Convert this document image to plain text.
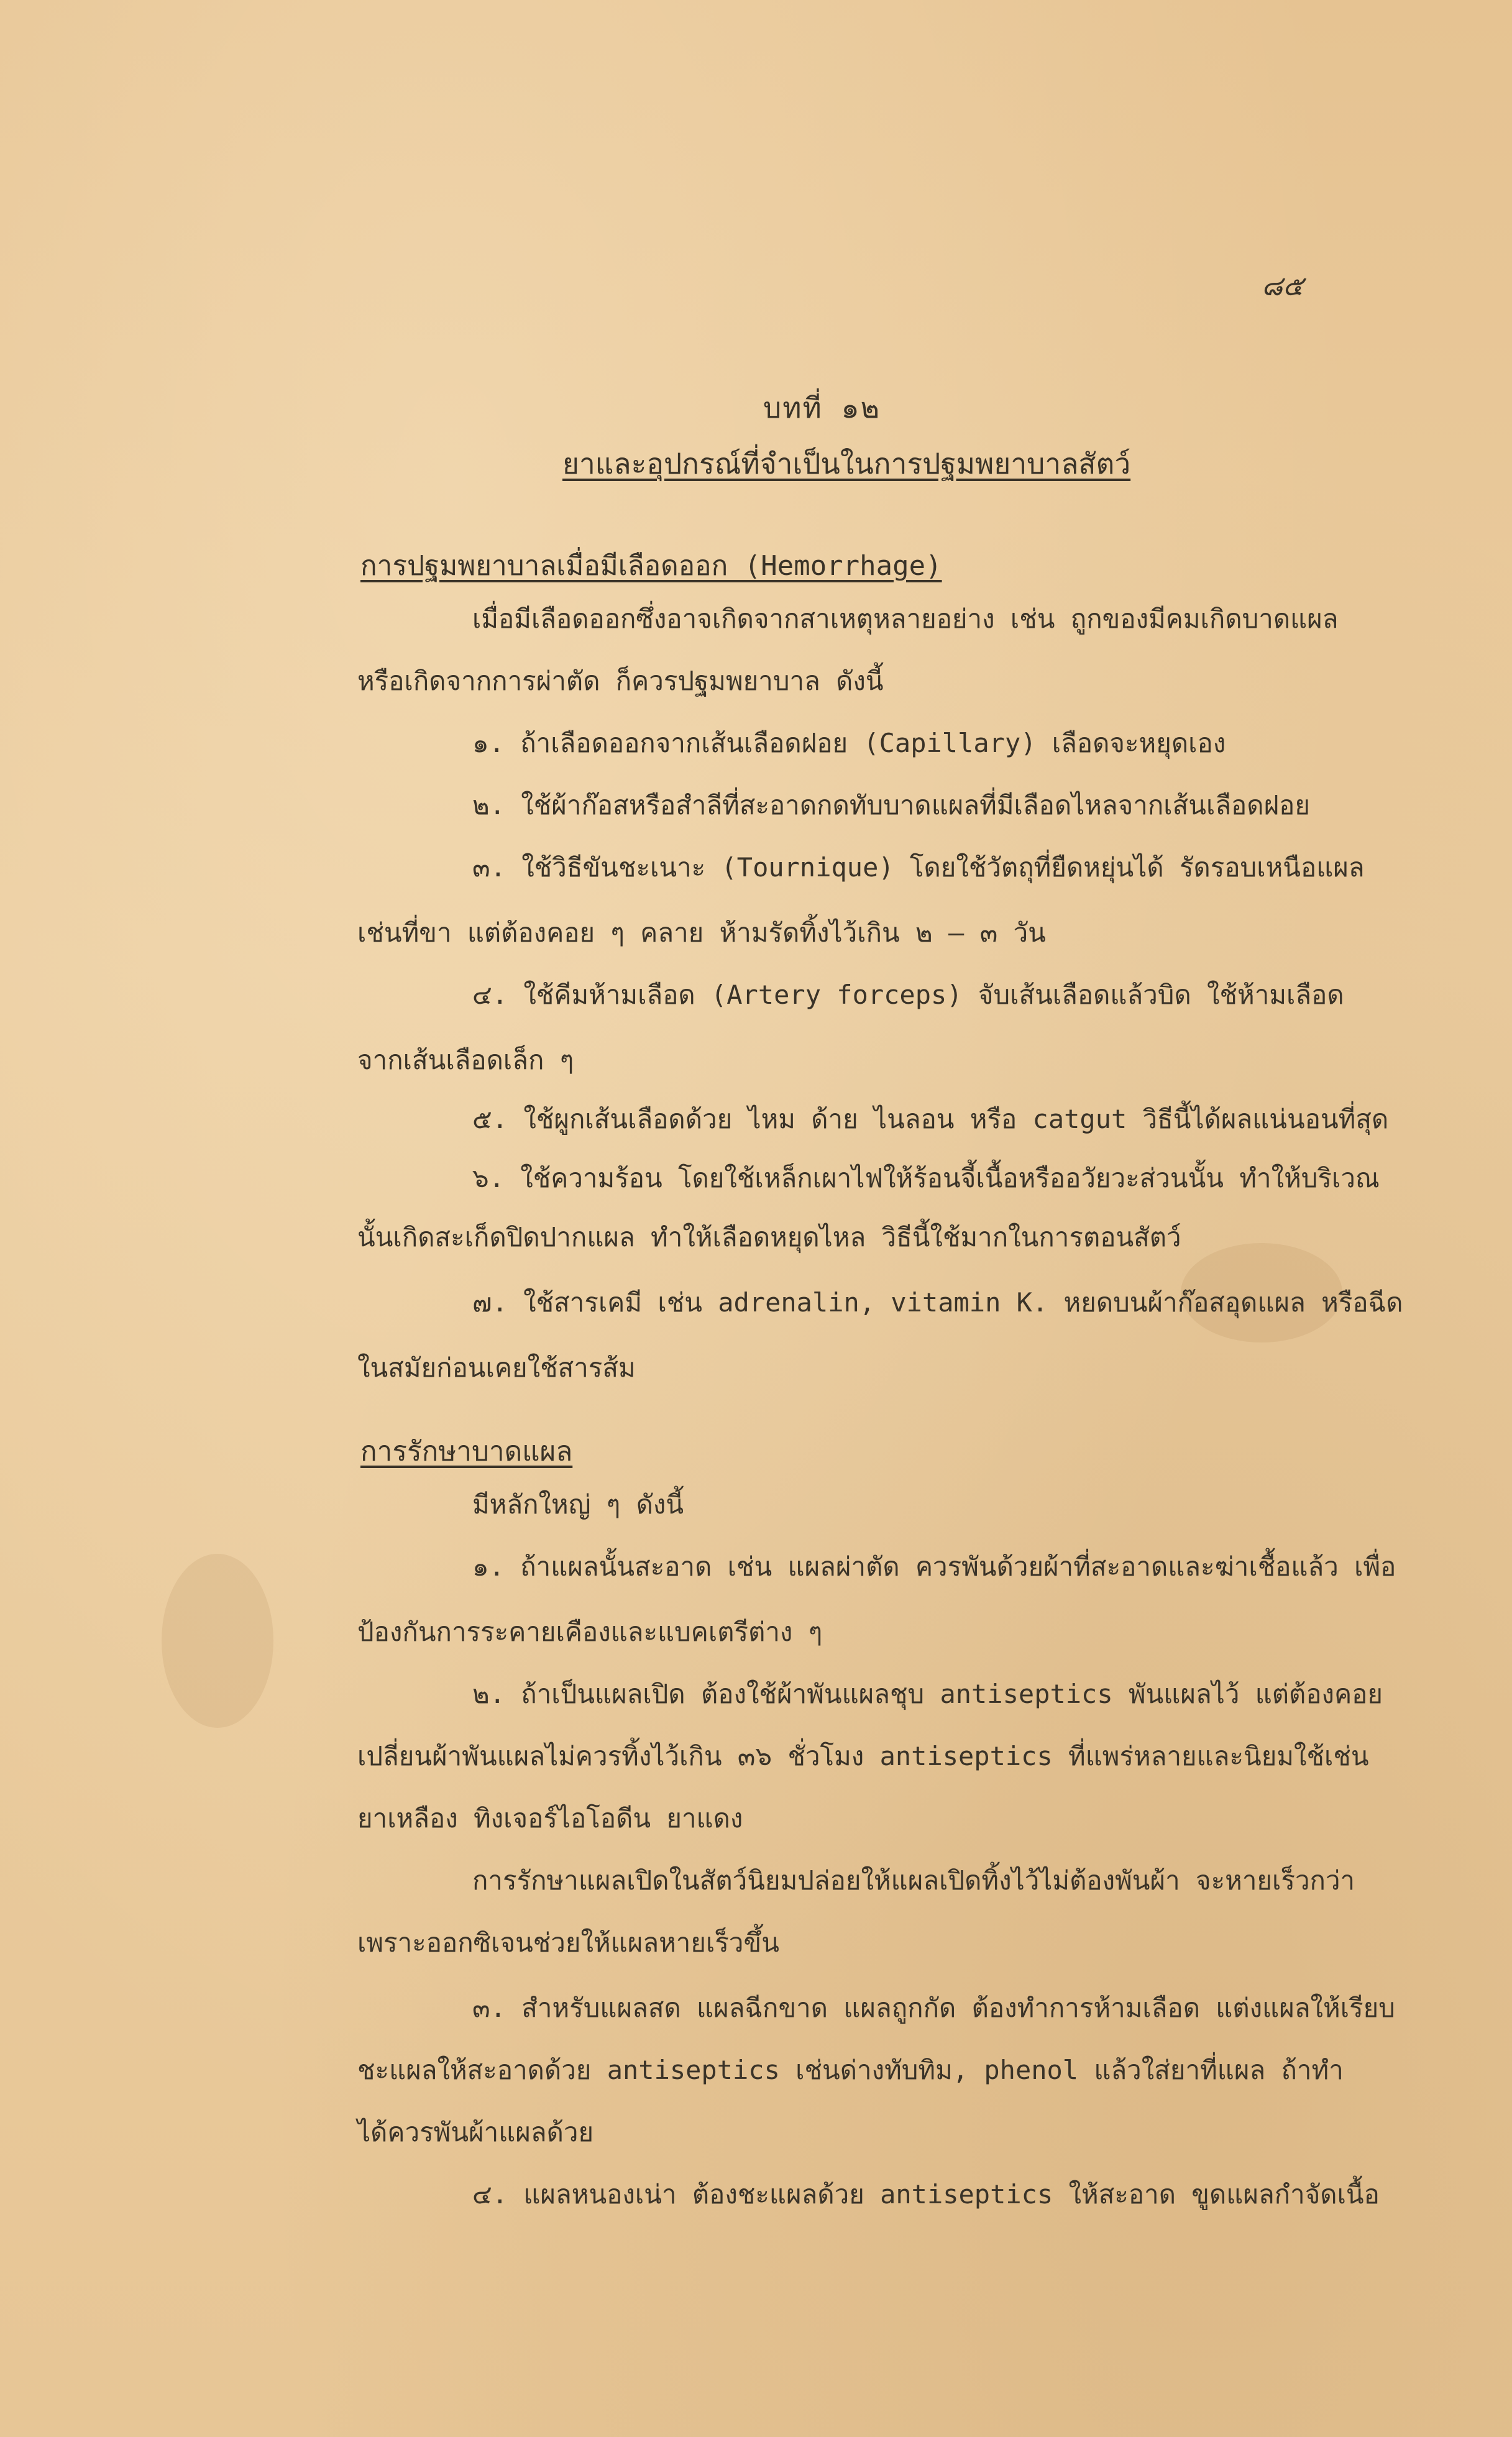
๘๕
บทที่ ๑๒
ยาและอุปกรณ์ที่จำเป็นในการปฐมพยาบาลสัตว์
การปฐมพยาบาลเมื่อมีเลือดออก (Hemorrhage)
เมื่อมีเลือดออกซึ่งอาจเกิดจากสาเหตุหลายอย่าง เช่น ถูกของมีคมเกิดบาดแผล
หรือเกิดจากการผ่าตัด ก็ควรปฐมพยาบาล ดังนี้
๑. ถ้าเลือดออกจากเส้นเลือดฝอย (Capillary) เลือดจะหยุดเอง
๒. ใช้ผ้าก๊อสหรือสำลีที่สะอาดกดทับบาดแผลที่มีเลือดไหลจากเส้นเลือดฝอย
๓. ใช้วิธีขันชะเนาะ (Tournique) โดยใช้วัตถุที่ยืดหยุ่นได้ รัดรอบเหนือแผล
เช่นที่ขา แต่ต้องคอย ๆ คลาย ห้ามรัดทิ้งไว้เกิน ๒ – ๓ วัน
๔. ใช้คีมห้ามเลือด (Artery forceps) จับเส้นเลือดแล้วบิด ใช้ห้ามเลือด
จากเส้นเลือดเล็ก ๆ
๕. ใช้ผูกเส้นเลือดด้วย ไหม ด้าย ไนลอน หรือ catgut วิธีนี้ได้ผลแน่นอนที่สุด
๖. ใช้ความร้อน โดยใช้เหล็กเผาไฟให้ร้อนจี้เนื้อหรืออวัยวะส่วนนั้น ทำให้บริเวณ
นั้นเกิดสะเก็ดปิดปากแผล ทำให้เลือดหยุดไหล วิธีนี้ใช้มากในการตอนสัตว์
๗. ใช้สารเคมี เช่น adrenalin, vitamin K. หยดบนผ้าก๊อสอุดแผล หรือฉีด
ในสมัยก่อนเคยใช้สารส้ม
การรักษาบาดแผล
มีหลักใหญ่ ๆ ดังนี้
๑. ถ้าแผลนั้นสะอาด เช่น แผลผ่าตัด ควรพันด้วยผ้าที่สะอาดและฆ่าเชื้อแล้ว เพื่อ
ป้องกันการระคายเคืองและแบคเตรีต่าง ๆ
๒. ถ้าเป็นแผลเปิด ต้องใช้ผ้าพันแผลชุบ antiseptics พันแผลไว้ แต่ต้องคอย
เปลี่ยนผ้าพันแผลไม่ควรทิ้งไว้เกิน ๓๖ ชั่วโมง antiseptics ที่แพร่หลายและนิยมใช้เช่น
ยาเหลือง ทิงเจอร์ไอโอดีน ยาแดง
การรักษาแผลเปิดในสัตว์นิยมปล่อยให้แผลเปิดทิ้งไว้ไม่ต้องพันผ้า จะหายเร็วกว่า
เพราะออกซิเจนช่วยให้แผลหายเร็วขึ้น
๓. สำหรับแผลสด แผลฉีกขาด แผลถูกกัด ต้องทำการห้ามเลือด แต่งแผลให้เรียบ
ชะแผลให้สะอาดด้วย antiseptics เช่นด่างทับทิม, phenol แล้วใส่ยาที่แผล ถ้าทำ
ได้ควรพันผ้าแผลด้วย
๔. แผลหนองเน่า ต้องชะแผลด้วย antiseptics ให้สะอาด ขูดแผลกำจัดเนื้อ
